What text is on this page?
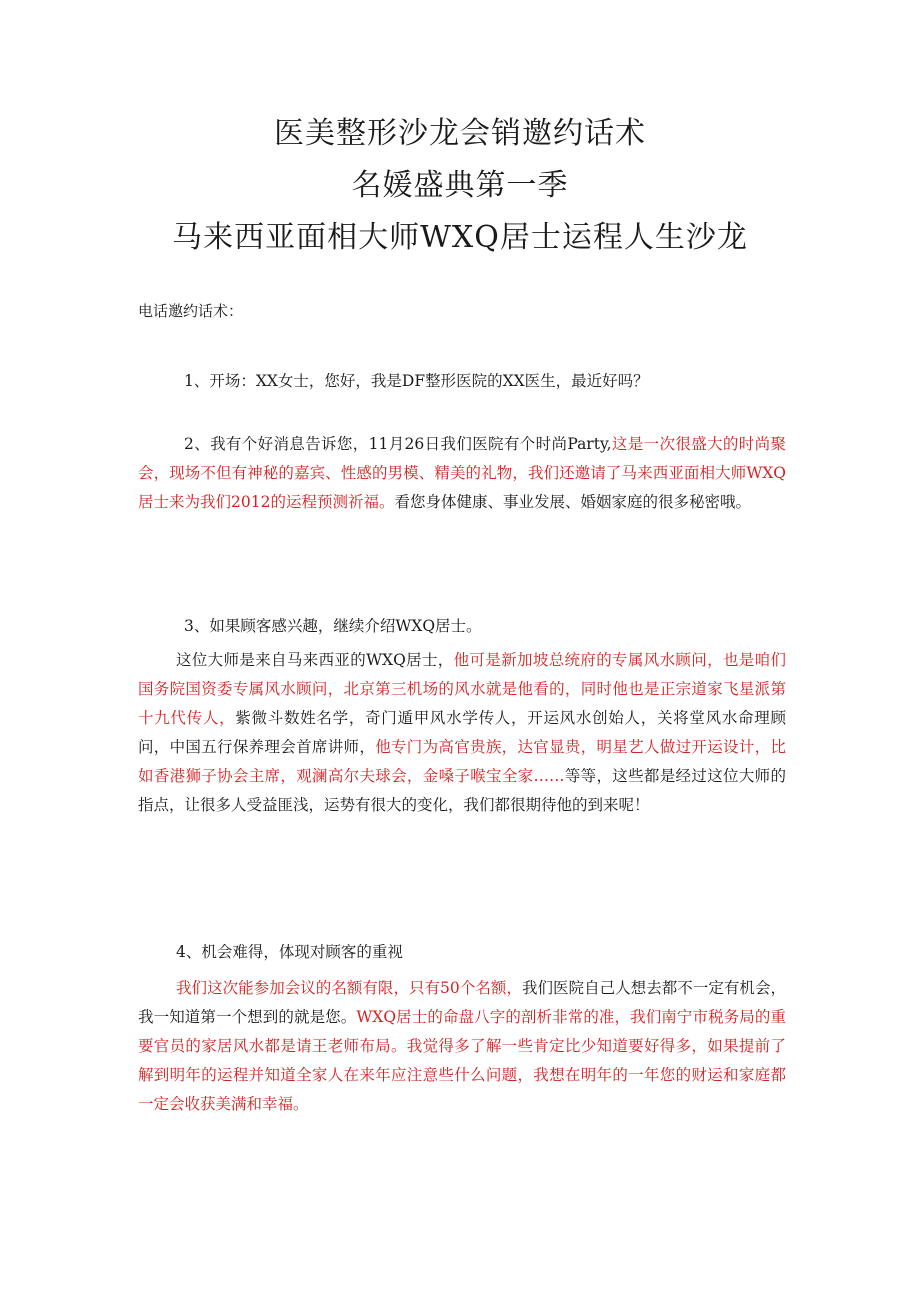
医美整形沙龙会销邀约话术
名媛盛典第一季
马来西亚面相大师WXQ居士运程人生沙龙
电话邀约话术：

1、开场：XX女士，您好，我是DF整形医院的XX医生，最近好吗？

2、我有个好消息告诉您，11月26日我们医院有个时尚Party,这是一次很盛大的时尚聚会，现场不但有神秘的嘉宾、性感的男模、精美的礼物，我们还邀请了马来西亚面相大师WXQ居士来为我们2012的运程预测祈福。看您身体健康、事业发展、婚姻家庭的很多秘密哦。

3、如果顾客感兴趣，继续介绍WXQ居士。

这位大师是来自马来西亚的WXQ居士，他可是新加坡总统府的专属风水顾问，也是咱们国务院国资委专属风水顾问，北京第三机场的风水就是他看的，同时他也是正宗道家飞星派第十九代传人，紫微斗数姓名学，奇门遁甲风水学传人，开运风水创始人，关将堂风水命理顾问，中国五行保养理会首席讲师，他专门为高官贵族，达官显贵，明星艺人做过开运设计，比如香港狮子协会主席，观澜高尔夫球会，金嗓子喉宝全家……等等，这些都是经过这位大师的指点，让很多人受益匪浅，运势有很大的变化，我们都很期待他的到来呢！

4、机会难得，体现对顾客的重视

我们这次能参加会议的名额有限，只有50个名额，我们医院自己人想去都不一定有机会，我一知道第一个想到的就是您。WXQ居士的命盘八字的剖析非常的准，我们南宁市税务局的重要官员的家居风水都是请王老师布局。我觉得多了解一些肯定比少知道要好得多，如果提前了解到明年的运程并知道全家人在来年应注意些什么问题，我想在明年的一年您的财运和家庭都一定会收获美满和幸福。
